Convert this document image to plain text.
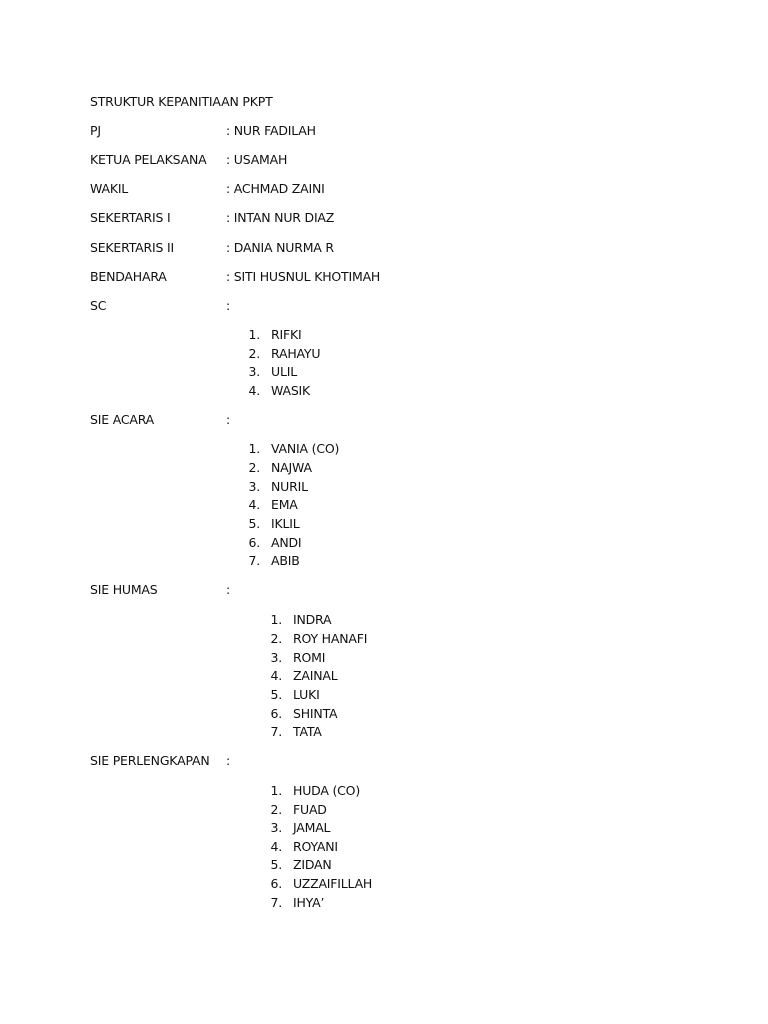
STRUKTUR KEPANITIAAN PKPT
PJ	: NUR FADILAH
KETUA PELAKSANA : USAMAH
WAKIL	: ACHMAD ZAINI
SEKERTARIS I	: INTAN NUR DIAZ
SEKERTARIS II	: DANIA NURMA R
BENDAHARA	: SITI HUSNUL KHOTIMAH
SC	:
1. RIFKI
2. RAHAYU
3. ULIL
4. WASIK
SIE ACARA	:
1. VANIA (CO)
2. NAJWA
3. NURIL
4. EMA
5. IKLIL
6. ANDI
7. ABIB
SIE HUMAS	:
1. INDRA
2. ROY HANAFI
3. ROMI
4. ZAINAL
5. LUKI
6. SHINTA
7. TATA
SIE PERLENGKAPAN :
1. HUDA (CO)
2. FUAD
3. JAMAL
4. ROYANI
5. ZIDAN
6. UZZAIFILLAH
7. IHYA’
